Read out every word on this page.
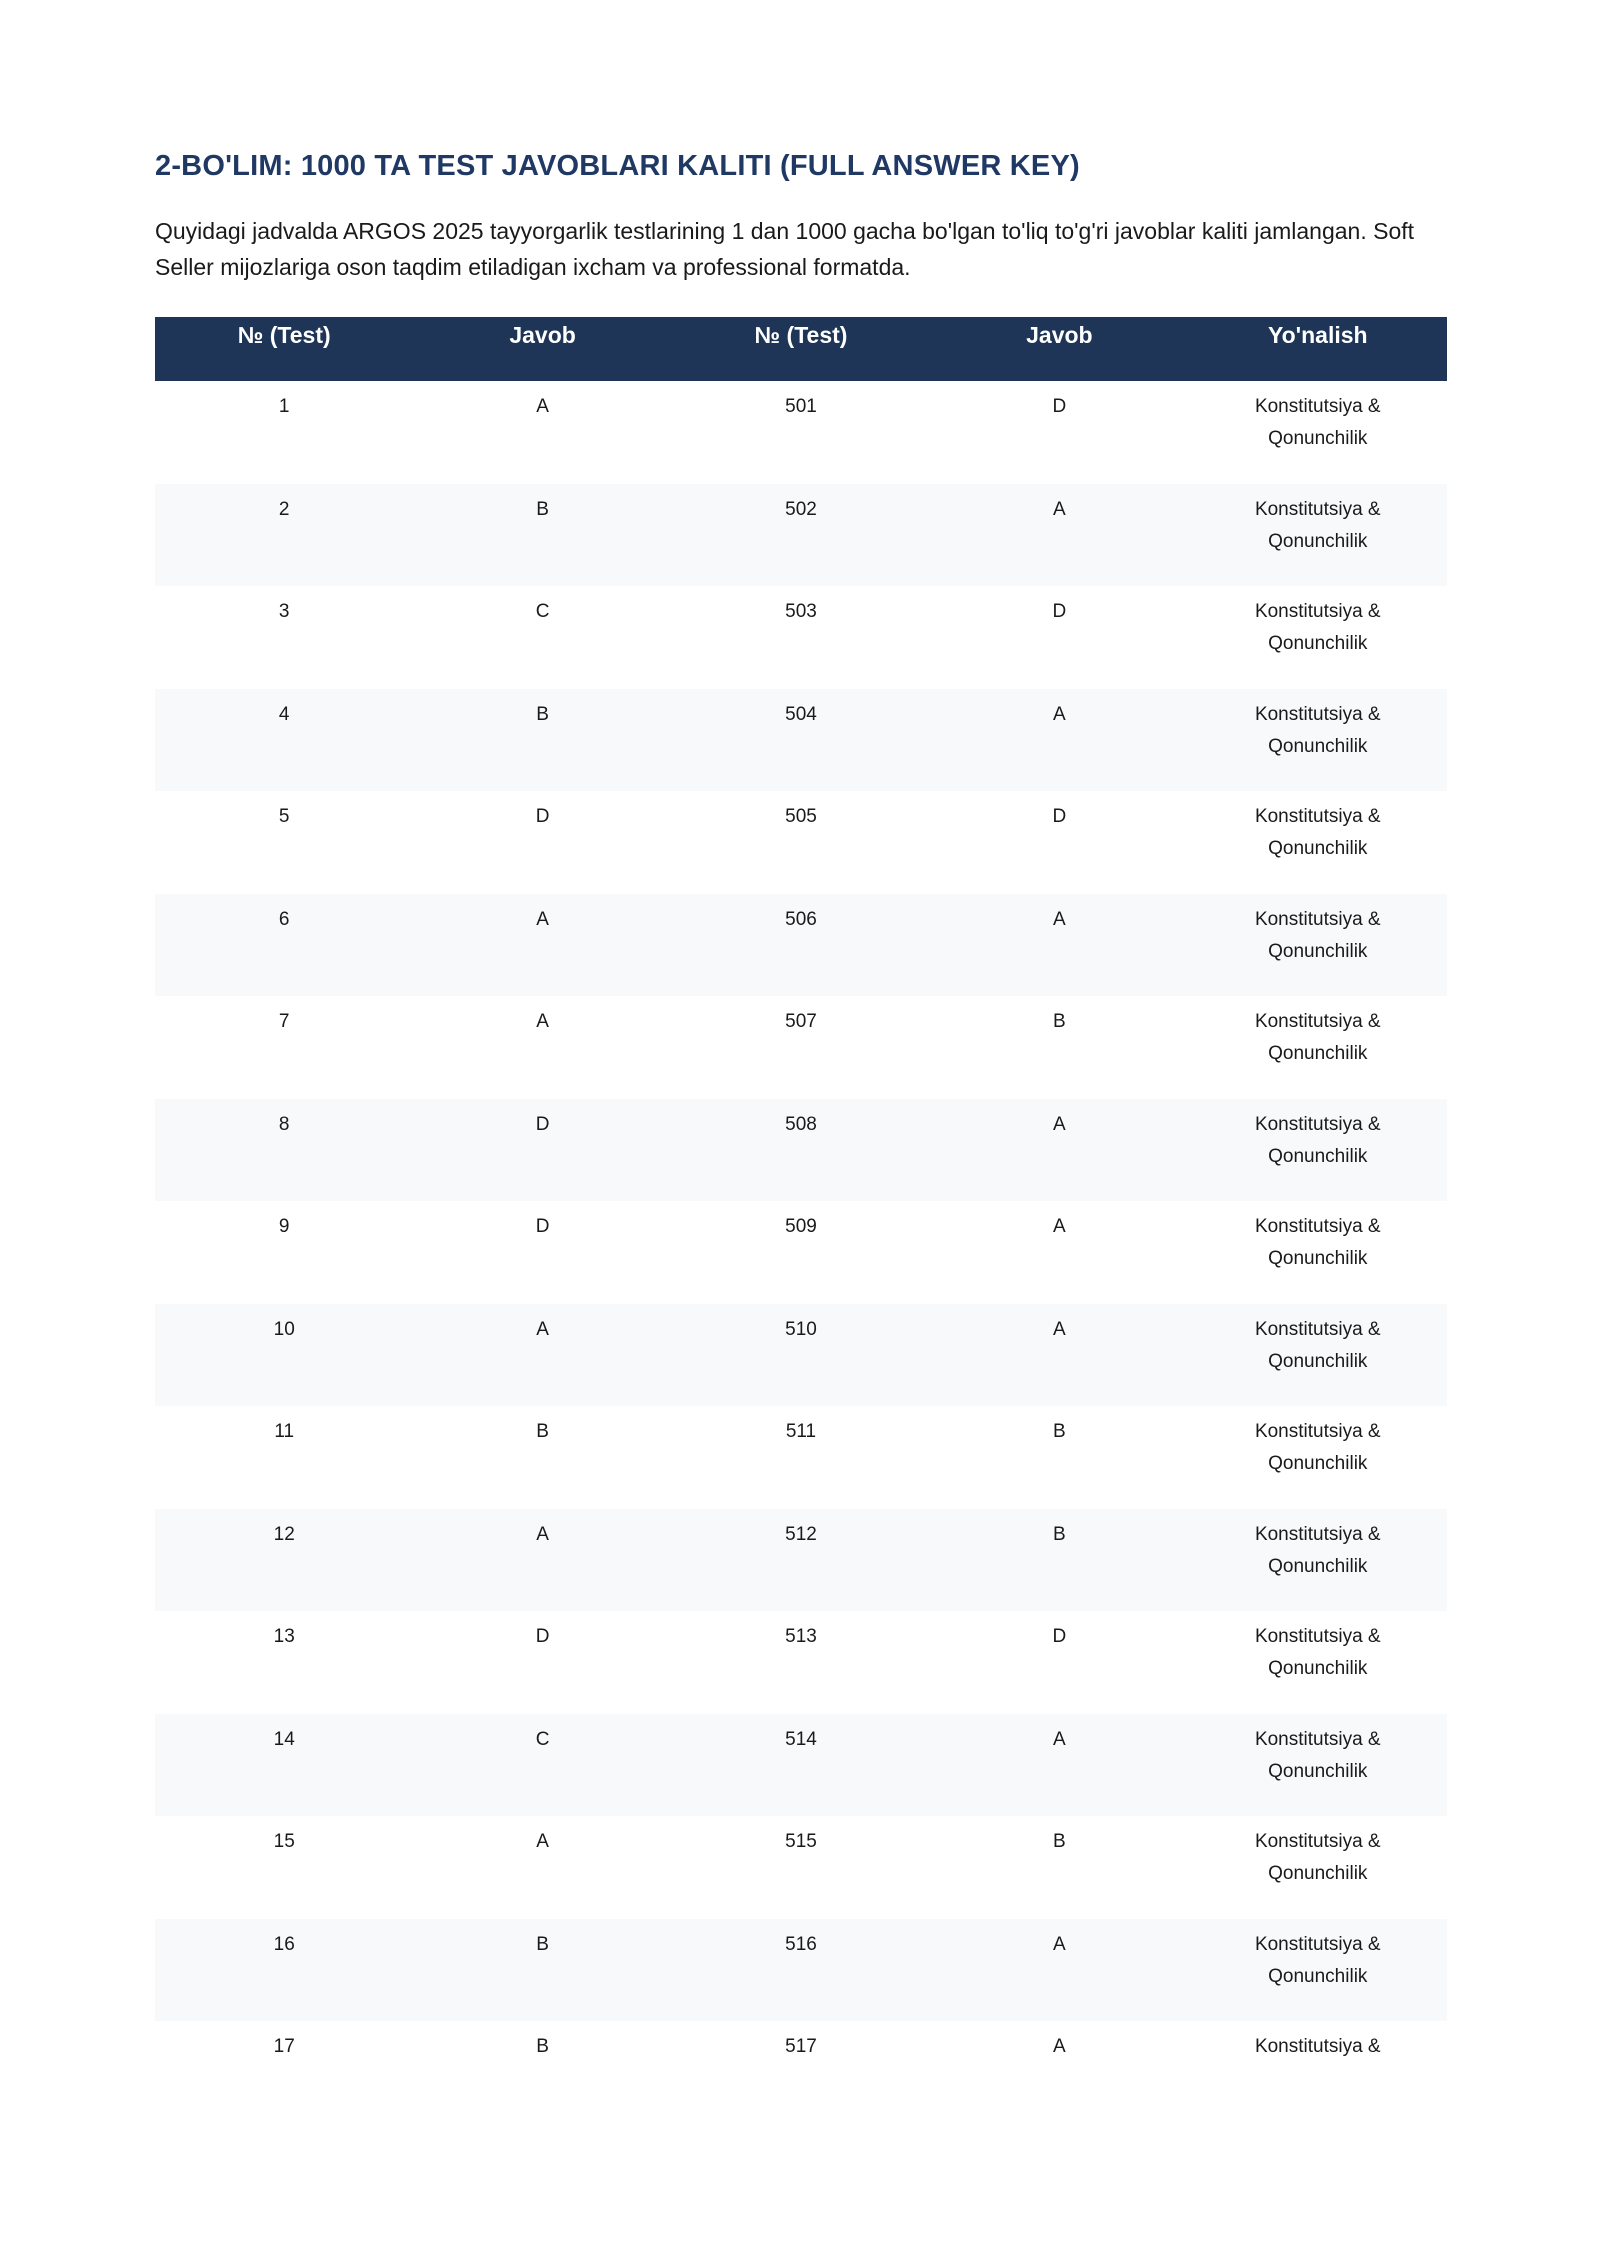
2-BO'LIM: 1000 TA TEST JAVOBLARI KALITI (FULL ANSWER KEY)

Quyidagi jadvalda ARGOS 2025 tayyorgarlik testlarining 1 dan 1000 gacha bo'lgan to'liq to'g'ri javoblar kaliti jamlangan. Soft Seller mijozlariga oson taqdim etiladigan ixcham va professional formatda.

№ (Test)	Javob	№ (Test)	Javob	Yo'nalish
1	A	501	D	Konstitutsiya & Qonunchilik
2	B	502	A	Konstitutsiya & Qonunchilik
3	C	503	D	Konstitutsiya & Qonunchilik
4	B	504	A	Konstitutsiya & Qonunchilik
5	D	505	D	Konstitutsiya & Qonunchilik
6	A	506	A	Konstitutsiya & Qonunchilik
7	A	507	B	Konstitutsiya & Qonunchilik
8	D	508	A	Konstitutsiya & Qonunchilik
9	D	509	A	Konstitutsiya & Qonunchilik
10	A	510	A	Konstitutsiya & Qonunchilik
11	B	511	B	Konstitutsiya & Qonunchilik
12	A	512	B	Konstitutsiya & Qonunchilik
13	D	513	D	Konstitutsiya & Qonunchilik
14	C	514	A	Konstitutsiya & Qonunchilik
15	A	515	B	Konstitutsiya & Qonunchilik
16	B	516	A	Konstitutsiya & Qonunchilik
17	B	517	A	Konstitutsiya &
